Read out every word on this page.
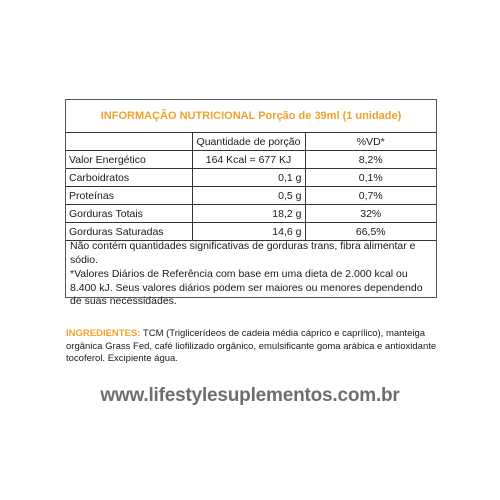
INFORMAÇÃO NUTRICIONAL Porção de 39ml (1 unidade)
	Quantidade de porção	%VD*
Valor Energético	164 Kcal = 677 KJ	8,2%
Carboidratos	0,1 g	0,1%
Proteínas	0,5 g	0,7%
Gorduras Totais	18,2 g	32%
Gorduras Saturadas	14,6 g	66,5%
Não contém quantidades significativas de gorduras trans, fibra alimentar e sódio.
*Valores Diários de Referência com base em uma dieta de 2.000 kcal ou 8.400 kJ. Seus valores diários podem ser maiores ou menores dependendo de suas necessidades.
INGREDIENTES: TCM (Triglicerídeos de cadeia média cáprico e caprílico), manteiga orgânica Grass Fed, café liofilizado orgânico, emulsificante goma arábica e antioxidante tocoferol. Excipiente água.
www.lifestylesuplementos.com.br
